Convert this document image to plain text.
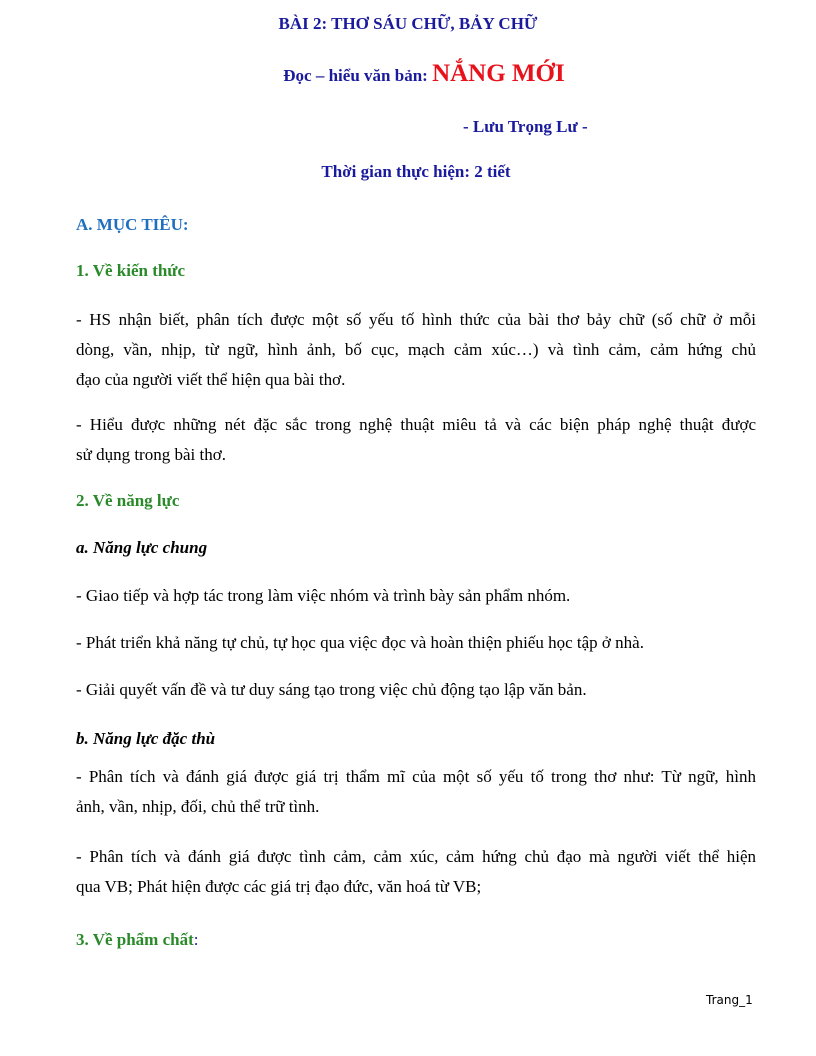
BÀI 2: THƠ SÁU CHỮ, BẢY CHỮ
Đọc – hiểu văn bản: NẮNG MỚI
- Lưu Trọng Lư -
Thời gian thực hiện: 2 tiết
A. MỤC TIÊU:
1. Về kiến thức
- HS nhận biết, phân tích được một số yếu tố hình thức của bài thơ bảy chữ (số chữ ở mỗi
dòng, vần, nhịp, từ ngữ, hình ảnh, bố cục, mạch cảm xúc…) và tình cảm, cảm hứng chủ
đạo của người viết thể hiện qua bài thơ.
- Hiểu được những nét đặc sắc trong nghệ thuật miêu tả và các biện pháp nghệ thuật được
sử dụng trong bài thơ.
2. Về năng lực
a. Năng lực chung
- Giao tiếp và hợp tác trong làm việc nhóm và trình bày sản phẩm nhóm.
- Phát triển khả năng tự chủ, tự học qua việc đọc và hoàn thiện phiếu học tập ở nhà.
- Giải quyết vấn đề và tư duy sáng tạo trong việc chủ động tạo lập văn bản.
b. Năng lực đặc thù
- Phân tích và đánh giá được giá trị thẩm mĩ của một số yếu tố trong thơ như: Từ ngữ, hình
ảnh, vần, nhịp, đối, chủ thể trữ tình.
- Phân tích và đánh giá được tình cảm, cảm xúc, cảm hứng chủ đạo mà người viết thể hiện
qua VB; Phát hiện được các giá trị đạo đức, văn hoá từ VB;
3. Về phẩm chất:
Trang_1
